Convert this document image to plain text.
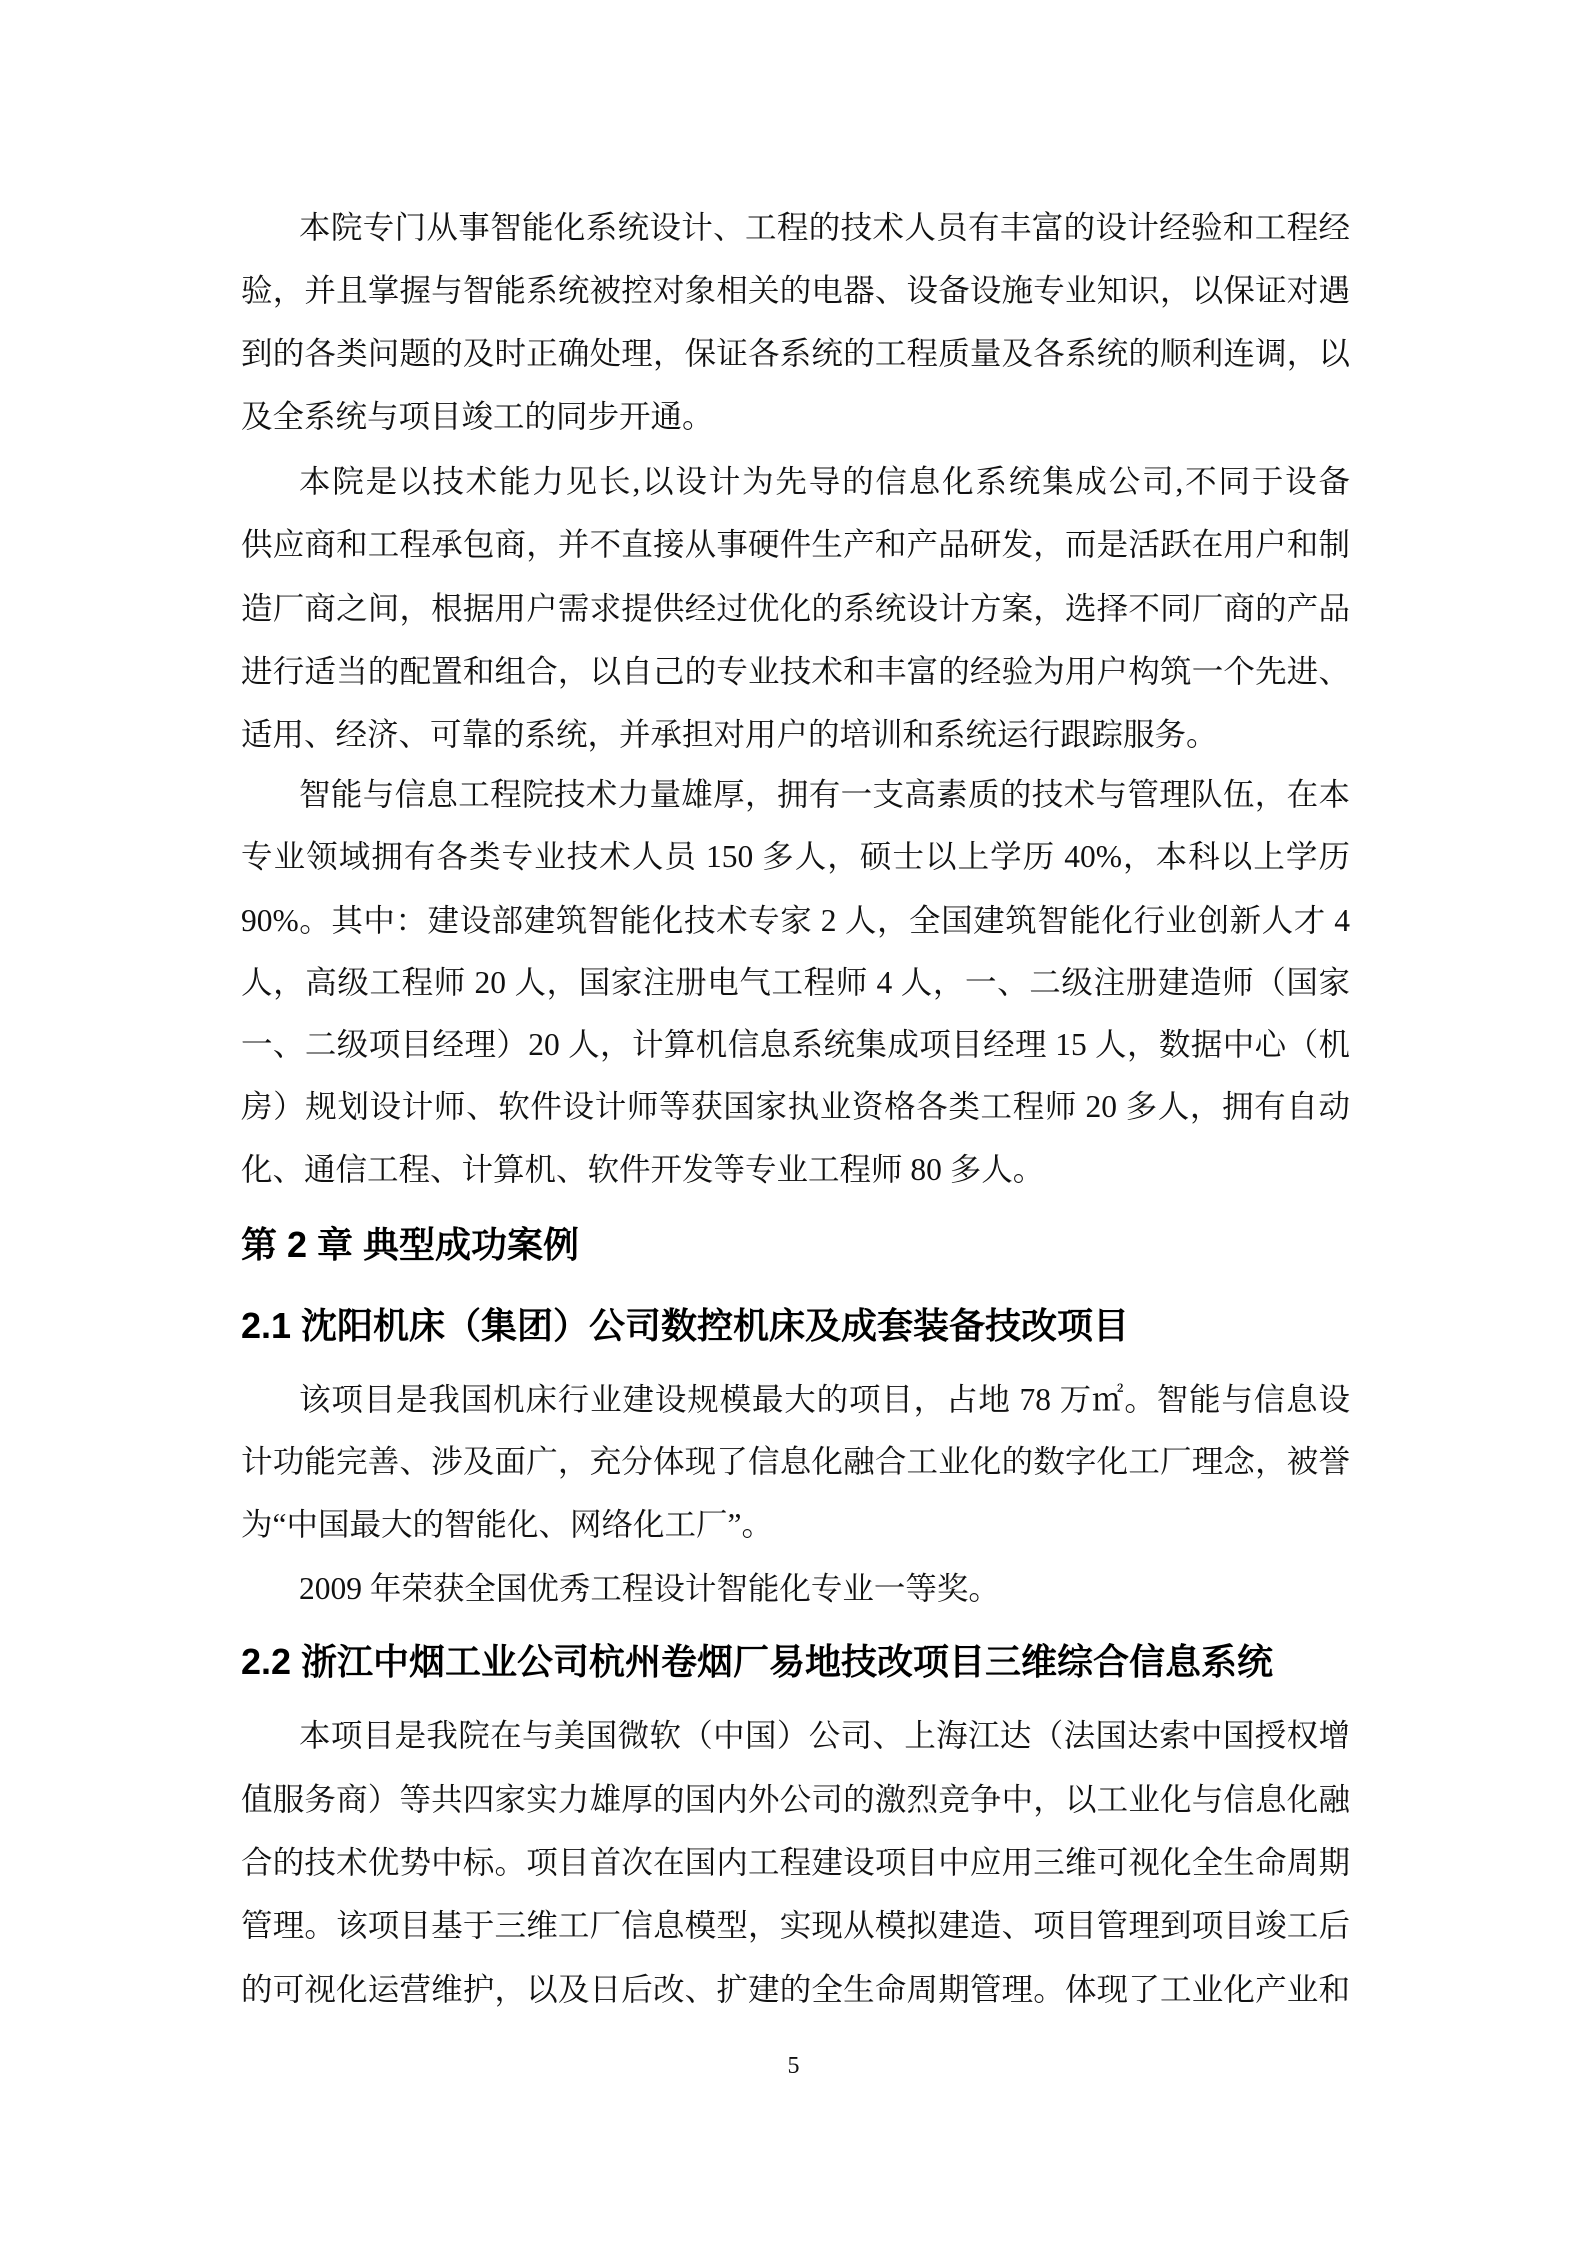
第 2 章 典型成功案例
2.1 沈阳机床（集团）公司数控机床及成套装备技改项目
2.2 浙江中烟工业公司杭州卷烟厂易地技改项目三维综合信息系统
5
本院专门从事智能化系统设计、工程的技术人员有丰富的设计经验和工程经
验，并且掌握与智能系统被控对象相关的电器、设备设施专业知识，以保证对遇
到的各类问题的及时正确处理，保证各系统的工程质量及各系统的顺利连调，以
及全系统与项目竣工的同步开通。
本院是以技术能力见长,以设计为先导的信息化系统集成公司,不同于设备
供应商和工程承包商，并不直接从事硬件生产和产品研发，而是活跃在用户和制
造厂商之间，根据用户需求提供经过优化的系统设计方案，选择不同厂商的产品
进行适当的配置和组合，以自己的专业技术和丰富的经验为用户构筑一个先进、
适用、经济、可靠的系统，并承担对用户的培训和系统运行跟踪服务。
智能与信息工程院技术力量雄厚，拥有一支高素质的技术与管理队伍，在本
专业领域拥有各类专业技术人员 150 多人，硕士以上学历 40%，本科以上学历
90%。其中：建设部建筑智能化技术专家 2 人，全国建筑智能化行业创新人才 4
人，高级工程师 20 人，国家注册电气工程师 4 人，一、二级注册建造师（国家
一、二级项目经理）20 人，计算机信息系统集成项目经理 15 人，数据中心（机
房）规划设计师、软件设计师等获国家执业资格各类工程师 20 多人，拥有自动
化、通信工程、计算机、软件开发等专业工程师 80 多人。
该项目是我国机床行业建设规模最大的项目，占地 78 万㎡。智能与信息设
计功能完善、涉及面广，充分体现了信息化融合工业化的数字化工厂理念，被誉
为“中国最大的智能化、网络化工厂”。
2009 年荣获全国优秀工程设计智能化专业一等奖。
本项目是我院在与美国微软（中国）公司、上海江达（法国达索中国授权增
值服务商）等共四家实力雄厚的国内外公司的激烈竞争中，以工业化与信息化融
合的技术优势中标。项目首次在国内工程建设项目中应用三维可视化全生命周期
管理。该项目基于三维工厂信息模型，实现从模拟建造、项目管理到项目竣工后
的可视化运营维护，以及日后改、扩建的全生命周期管理。体现了工业化产业和
